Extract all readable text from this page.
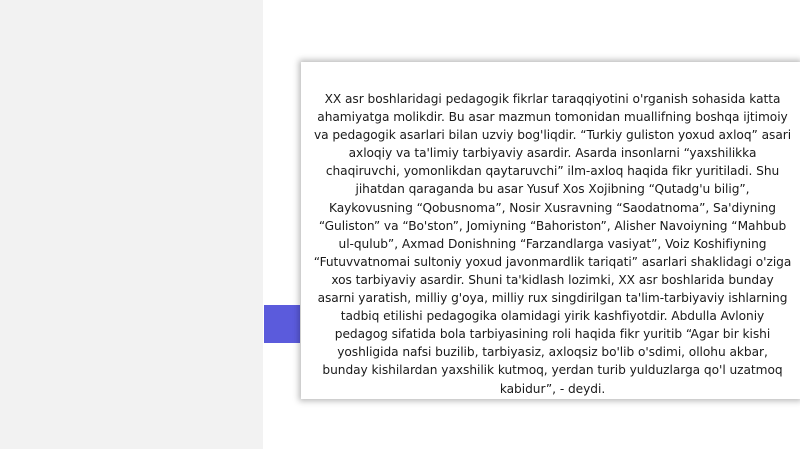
XX asr boshlaridagi pedagogik fikrlar taraqqiyotini o'rganish sohasida katta ahamiyatga molikdir. Bu asar mazmun tomonidan muallifning boshqa ijtimoiy va pedagogik asarlari bilan uzviy bog'liqdir. “Turkiy guliston yoxud axloq” asari axloqiy va ta'limiy tarbiyaviy asardir. Asarda insonlarni “yaxshilikka chaqiruvchi, yomonlikdan qaytaruvchi” ilm-axloq haqida fikr yuritiladi. Shu jihatdan qaraganda bu asar Yusuf Xos Xojibning “Qutadg'u bilig”, Kaykovusning “Qobusnoma”, Nosir Xusravning “Saodatnoma”, Sa'diyning “Guliston” va “Bo'ston”, Jomiyning “Bahoriston”, Alisher Navoiyning “Mahbub ul-qulub”, Axmad Donishning “Farzandlarga vasiyat”, Voiz Koshifiyning “Futuvvatnomai sultoniy yoxud javonmardlik tariqati” asarlari shaklidagi o'ziga xos tarbiyaviy asardir. Shuni ta'kidlash lozimki, XX asr boshlarida bunday asarni yaratish, milliy g'oya, milliy rux singdirilgan ta'lim-tarbiyaviy ishlarning tadbiq etilishi pedagogika olamidagi yirik kashfiyotdir. Abdulla Avloniy pedagog sifatida bola tarbiyasining roli haqida fikr yuritib “Agar bir kishi yoshligida nafsi buzilib, tarbiyasiz, axloqsiz bo'lib o'sdimi, ollohu akbar, bunday kishilardan yaxshilik kutmoq, yerdan turib yulduzlarga qo'l uzatmoq kabidur”, - deydi.
